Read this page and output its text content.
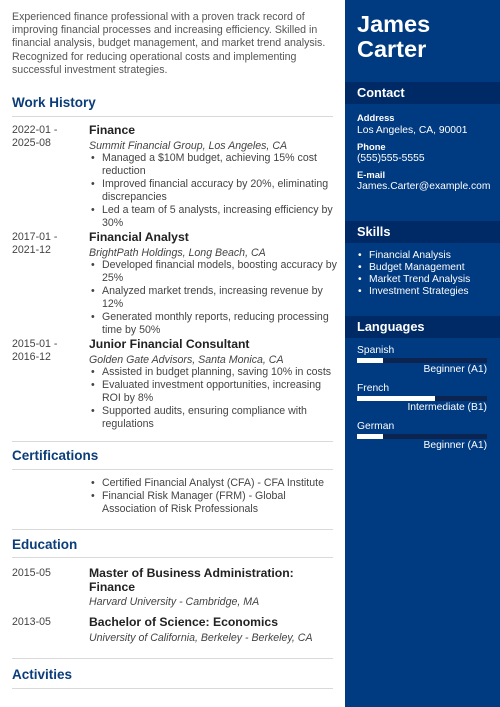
Experienced finance professional with a proven track record of improving financial processes and increasing efficiency. Skilled in financial analysis, budget management, and market trend analysis. Recognized for reducing operational costs and implementing successful investment strategies.
Work History
2022-01 -
2025-08
Finance
Summit Financial Group, Los Angeles, CA
• Managed a $10M budget, achieving 15% cost reduction
• Improved financial accuracy by 20%, eliminating discrepancies
• Led a team of 5 analysts, increasing efficiency by 30%
2017-01 -
2021-12
Financial Analyst
BrightPath Holdings, Long Beach, CA
• Developed financial models, boosting accuracy by 25%
• Analyzed market trends, increasing revenue by 12%
• Generated monthly reports, reducing processing time by 50%
2015-01 -
2016-12
Junior Financial Consultant
Golden Gate Advisors, Santa Monica, CA
• Assisted in budget planning, saving 10% in costs
• Evaluated investment opportunities, increasing ROI by 8%
• Supported audits, ensuring compliance with regulations
Certifications
• Certified Financial Analyst (CFA) - CFA Institute
• Financial Risk Manager (FRM) - Global Association of Risk Professionals
Education
2015-05	Master of Business Administration: Finance
Harvard University - Cambridge, MA
2013-05	Bachelor of Science: Economics
University of California, Berkeley - Berkeley, CA
Activities
James
Carter
Contact
Address
Los Angeles, CA, 90001
Phone
(555)555-5555
E-mail
James.Carter@example.com
Skills
• Financial Analysis
• Budget Management
• Market Trend Analysis
• Investment Strategies
Languages
Spanish
Beginner (A1)
French
Intermediate (B1)
German
Beginner (A1)
